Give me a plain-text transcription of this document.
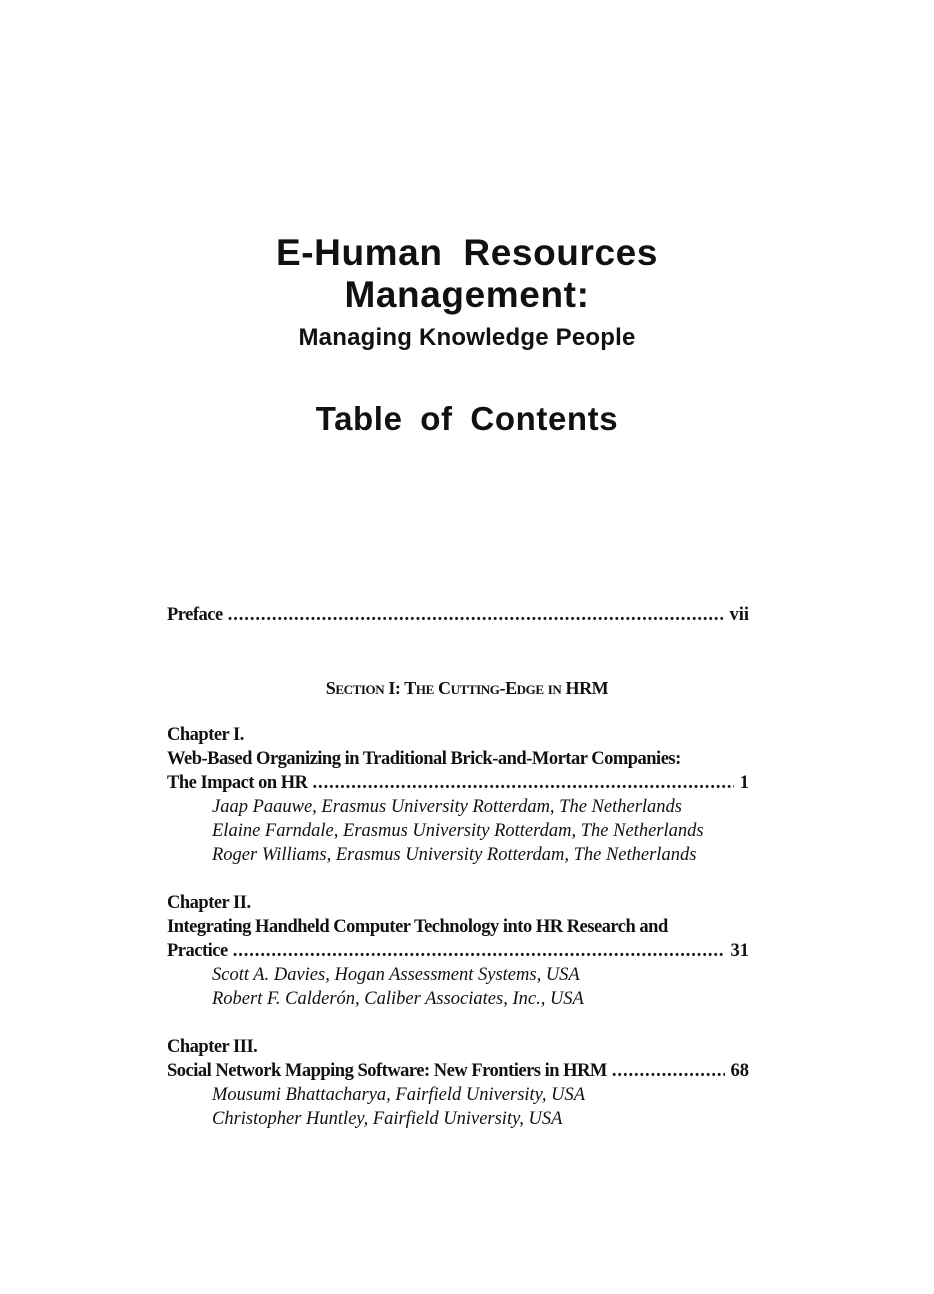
E-Human Resources
Management:
Managing Knowledge People
Table of Contents
Preface .....	vii
Section I: The Cutting-Edge in HRM
Chapter I.
Web-Based Organizing in Traditional Brick-and-Mortar Companies:
The Impact on HR .....	1
Jaap Paauwe, Erasmus University Rotterdam, The Netherlands
Elaine Farndale, Erasmus University Rotterdam, The Netherlands
Roger Williams, Erasmus University Rotterdam, The Netherlands
Chapter II.
Integrating Handheld Computer Technology into HR Research and
Practice .....	31
Scott A. Davies, Hogan Assessment Systems, USA
Robert F. Calderón, Caliber Associates, Inc., USA
Chapter III.
Social Network Mapping Software: New Frontiers in HRM .....	68
Mousumi Bhattacharya, Fairfield University, USA
Christopher Huntley, Fairfield University, USA
